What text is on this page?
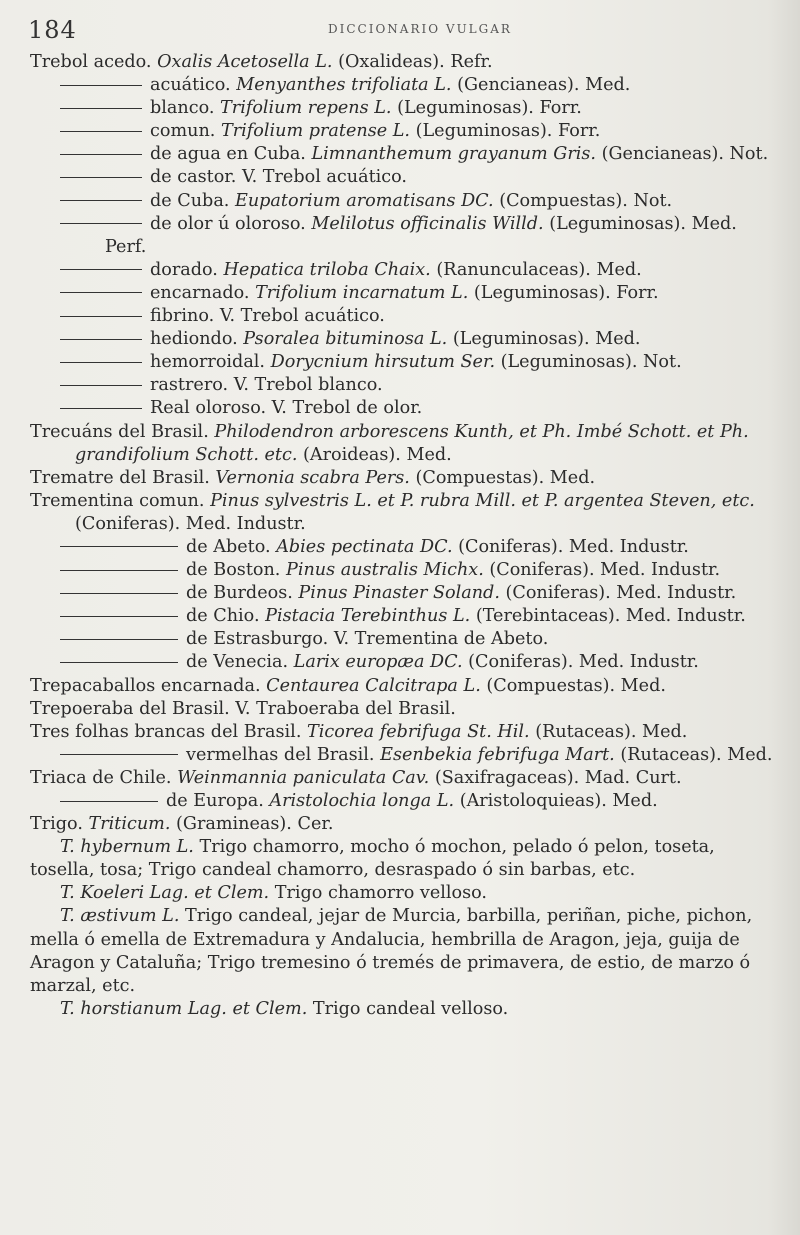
184	DICCIONARIO VULGAR

Trebol acedo. Oxalis Acetosella L. (Oxalideas). Refr.

acuático. Menyanthes trifoliata L. (Gencianeas). Med.

blanco. Trifolium repens L. (Leguminosas). Forr.

comun. Trifolium pratense L. (Leguminosas). Forr.

de agua en Cuba. Limnanthemum grayanum Gris. (Gencianeas). Not.

de castor. V. Trebol acuático.

de Cuba. Eupatorium aromatisans DC. (Compuestas). Not.

de olor ú oloroso. Melilotus officinalis Willd. (Leguminosas). Med. Perf.

dorado. Hepatica triloba Chaix. (Ranunculaceas). Med.

encarnado. Trifolium incarnatum L. (Leguminosas). Forr.

fibrino. V. Trebol acuático.

hediondo. Psoralea bituminosa L. (Leguminosas). Med.

hemorroidal. Dorycnium hirsutum Ser. (Leguminosas). Not.

rastrero. V. Trebol blanco.

Real oloroso. V. Trebol de olor.

Trecuáns del Brasil. Philodendron arborescens Kunth, et Ph. Imbé Schott. et Ph. grandifolium Schott. etc. (Aroideas). Med.

Trematre del Brasil. Vernonia scabra Pers. (Compuestas). Med.

Trementina comun. Pinus sylvestris L. et P. rubra Mill. et P. argentea Steven, etc. (Coniferas). Med. Industr.

de Abeto. Abies pectinata DC. (Coniferas). Med. Industr.

de Boston. Pinus australis Michx. (Coniferas). Med. Industr.

de Burdeos. Pinus Pinaster Soland. (Coniferas). Med. Industr.

de Chio. Pistacia Terebinthus L. (Terebintaceas). Med. Industr.

de Estrasburgo. V. Trementina de Abeto.

de Venecia. Larix europæa DC. (Coniferas). Med. Industr.

Trepacaballos encarnada. Centaurea Calcitrapa L. (Compuestas). Med.

Trepoeraba del Brasil. V. Traboeraba del Brasil.

Tres folhas brancas del Brasil. Ticorea febrifuga St. Hil. (Rutaceas). Med.

vermelhas del Brasil. Esenbekia febrifuga Mart. (Rutaceas). Med.

Triaca de Chile. Weinmannia paniculata Cav. (Saxifragaceas). Mad. Curt.

de Europa. Aristolochia longa L. (Aristoloquieas). Med.

Trigo. Triticum. (Gramineas). Cer.

T. hybernum L. Trigo chamorro, mocho ó mochon, pelado ó pelon, toseta, tosella, tosa; Trigo candeal chamorro, desraspado ó sin barbas, etc.

T. Koeleri Lag. et Clem. Trigo chamorro velloso.

T. æstivum L. Trigo candeal, jejar de Murcia, barbilla, periñan, piche, pichon, mella ó emella de Extremadura y Andalucia, hembrilla de Aragon, jeja, guija de Aragon y Cataluña; Trigo tremesino ó tremés de primavera, de estio, de marzo ó marzal, etc.

T. horstianum Lag. et Clem. Trigo candeal velloso.
